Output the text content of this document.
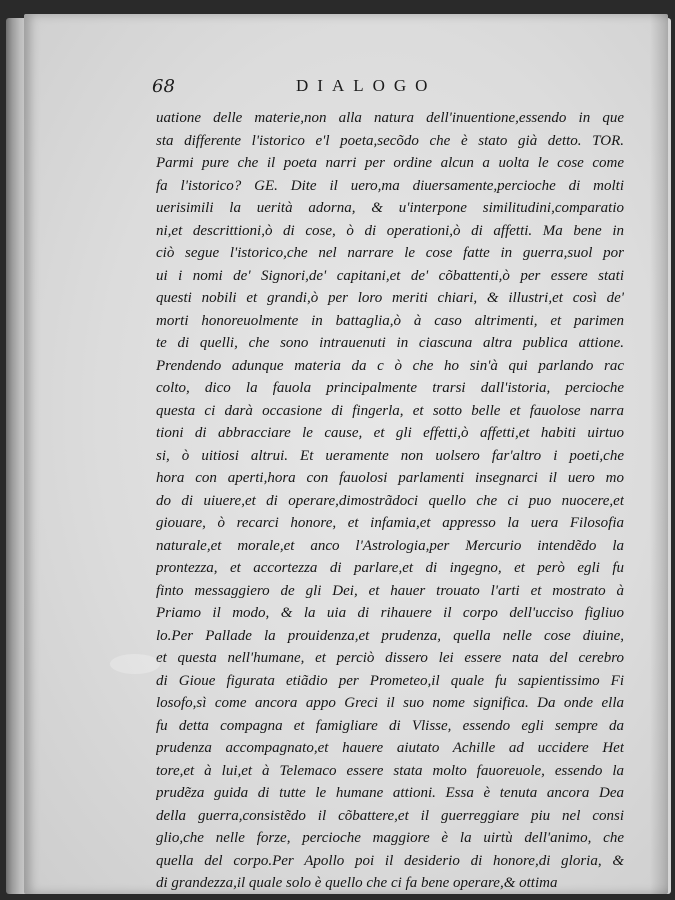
68	DIALOGO
uatione delle materie,non alla natura dell'inuentione,essendo in que
sta differente l'istorico e'l poeta,secõdo che è stato già detto. TOR.
Parmi pure che il poeta narri per ordine alcun a uolta le cose come
fa l'istorico? GE. Dite il uero,ma diuersamente,percioche di molti
uerisimili la uerità adorna, & u'interpone similitudini,comparatio
ni,et descrittioni,ò di cose, ò di operationi,ò di affetti. Ma bene in
ciò segue l'istorico,che nel narrare le cose fatte in guerra,suol por
ui i nomi de' Signori,de' capitani,et de' cõbattenti,ò per essere stati
questi nobili et grandi,ò per loro meriti chiari, & illustri,et così de'
morti honoreuolmente in battaglia,ò à caso altrimenti, et parimen
te di quelli, che sono intrauenuti in ciascuna altra publica attione.
Prendendo adunque materia da c ò che ho sin'à qui parlando rac
colto, dico la fauola principalmente trarsi dall'istoria, percioche
questa ci darà occasione di fingerla, et sotto belle et fauolose narra
tioni di abbracciare le cause, et gli effetti,ò affetti,et habiti uirtuo
si, ò uitiosi altrui. Et ueramente non uolsero far'altro i poeti,che
hora con aperti,hora con fauolosi parlamenti insegnarci il uero mo
do di uiuere,et di operare,dimostrãdoci quello che ci puo nuocere,et
giouare, ò recarci honore, et infamia,et appresso la uera Filosofia
naturale,et morale,et anco l'Astrologia,per Mercurio intendẽdo la
prontezza, et accortezza di parlare,et di ingegno, et però egli fu
finto messaggiero de gli Dei, et hauer trouato l'arti et mostrato à
Priamo il modo, & la uia di rihauere il corpo dell'ucciso figliuo
lo.Per Pallade la prouidenza,et prudenza, quella nelle cose diuine,
et questa nell'humane, et perciò dissero lei essere nata del cerebro
di Gioue figurata etiãdio per Prometeo,il quale fu sapientissimo Fi
losofo,sì come ancora appo Greci il suo nome significa. Da onde ella
fu detta compagna et famigliare di Vlisse, essendo egli sempre da
prudenza accompagnato,et hauere aiutato Achille ad uccidere Het
tore,et à lui,et à Telemaco essere stata molto fauoreuole, essendo la
prudẽza guida di tutte le humane attioni. Essa è tenuta ancora Dea
della guerra,consistẽdo il cõbattere,et il guerreggiare piu nel consi
glio,che nelle forze, percioche maggiore è la uirtù dell'animo, che
quella del corpo.Per Apollo poi il desiderio di honore,di gloria, &
di grandezza,il quale solo è quello che ci fa bene operare,& ottima
